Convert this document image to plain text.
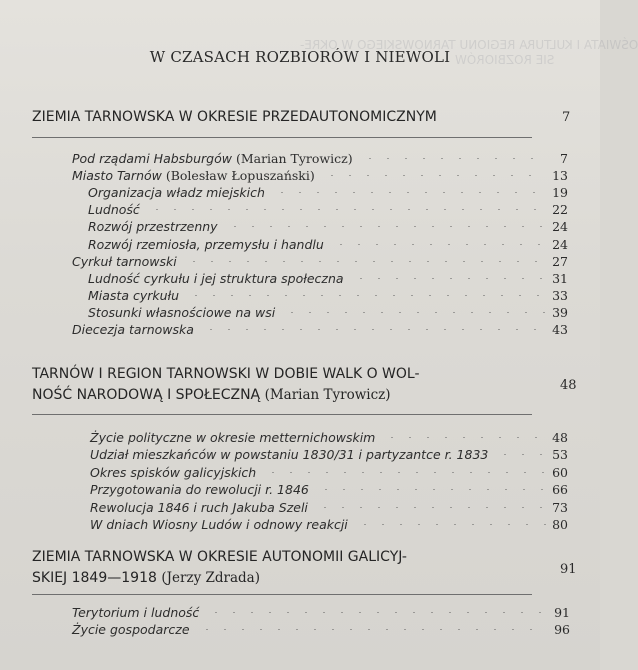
OŚWIATA I KULTURA REGIONU TARNOWSKIEGO W OKRE-
SIE ROZBIORÓW
W CZASACH ROZBIORÓW I NIEWOLI
ZIEMIA TARNOWSKA W OKRESIE PRZEDAUTONOMICZNYM	7
Pod rządami Habsburgów (Marian Tyrowicz)	7
Miasto Tarnów (Bolesław Łopuszański)	13
Organizacja władz miejskich	19
Ludność	22
Rozwój przestrzenny	24
Rozwój rzemiosła, przemysłu i handlu	24
Cyrkuł tarnowski	27
Ludność cyrkułu i jej struktura społeczna	31
Miasta cyrkułu	33
Stosunki własnościowe na wsi	39
Diecezja tarnowska	43
TARNÓW I REGION TARNOWSKI W DOBIE WALK O WOL-
NOŚĆ NARODOWĄ I SPOŁECZNĄ (Marian Tyrowicz)
48
Życie polityczne w okresie metternichowskim	48
Udział mieszkańców w powstaniu 1830/31 i partyzantce r. 1833	53
Okres spisków galicyjskich	60
Przygotowania do rewolucji r. 1846	66
Rewolucja 1846 i ruch Jakuba Szeli	73
W dniach Wiosny Ludów i odnowy reakcji	80
ZIEMIA TARNOWSKA W OKRESIE AUTONOMII GALICYJ-
SKIEJ 1849—1918 (Jerzy Zdrada)
91
Terytorium i ludność	91
Życie gospodarcze	96
